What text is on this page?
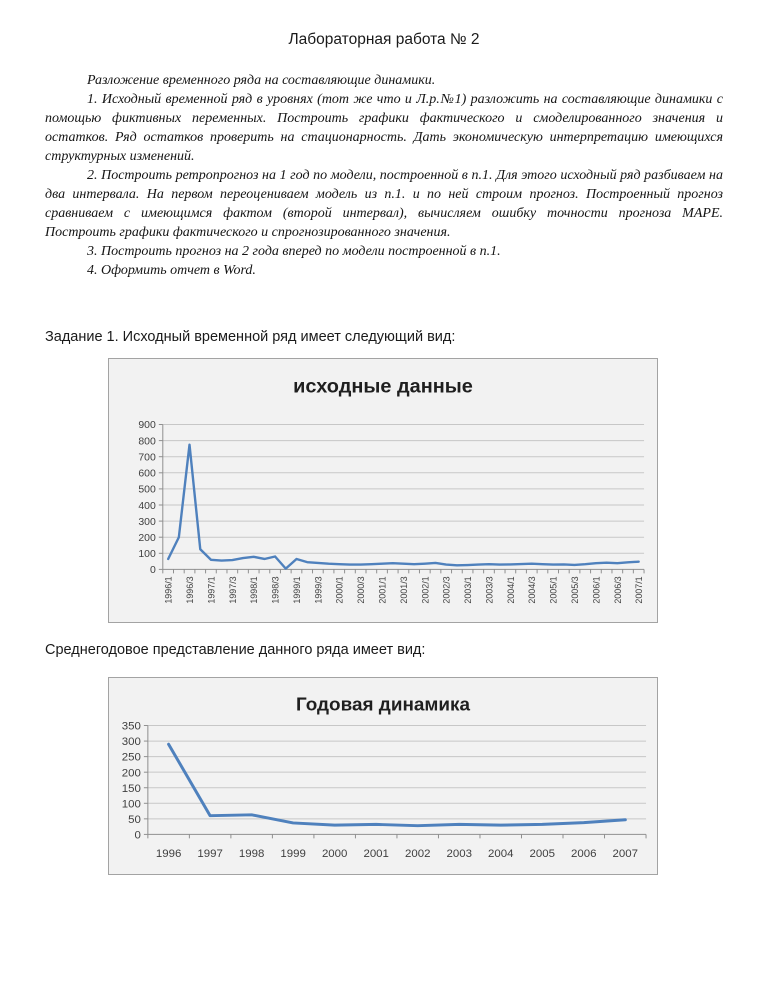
Лабораторная работа № 2

Разложение временного ряда на составляющие динамики.

1. Исходный временной ряд в уровнях (тот же что и Л.р.№1) разложить на составляющие динамики с помощью фиктивных переменных. Построить графики фактического и смоделированного значения и остатков. Ряд остатков проверить на стационарность. Дать экономическую интерпретацию имеющихся структурных изменений.

2. Построить ретропрогноз на 1 год по модели, построенной в п.1. Для этого исходный ряд разбиваем на два интервала. На первом переоцениваем модель из п.1. и по ней строим прогноз. Построенный прогноз сравниваем с имеющимся фактом (второй интервал), вычисляем ошибку точности прогноза MAPE. Построить графики фактического и спрогнозированного значения.

3. Построить прогноз на 2 года вперед по модели построенной в п.1.

4. Оформить отчет в Word.

Задание 1. Исходный временной ряд имеет следующий вид:
0
100
200
300
400
500
600
700
800
900
1996/1 1996/3 1997/1 1997/3 1998/1 1998/3 1999/1 1999/3 2000/1 2000/3 2001/1 2001/3 2002/1 2002/3 2003/1 2003/3 2004/1 2004/3 2005/1 2005/3 2006/1 2006/3 2007/1
исходные данные
Среднегодовое представление данного ряда имеет вид:
0
50
100
150
200
250
300
350
1996 1997 1998 1999 2000 2001 2002 2003 2004 2005 2006 2007
Годовая динамика
